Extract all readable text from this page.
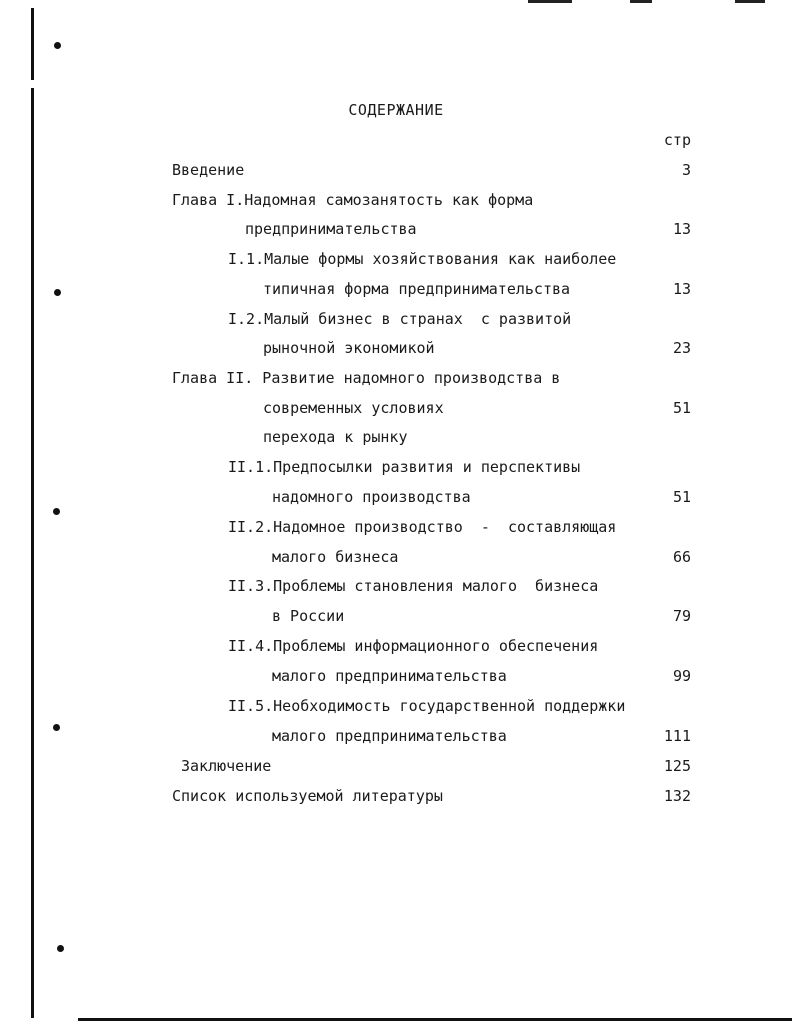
СОДЕРЖАНИЕ
стр
Введение	3
Глава I.Надомная самозанятость как форма
предпринимательства	13
I.1.Малые формы хозяйствования как наиболее
типичная форма предпринимательства	13
I.2.Малый бизнес в странах  с развитой
рыночной экономикой	23
Глава II. Развитие надомного производства в
современных условиях	51
перехода к рынку
II.1.Предпосылки развития и перспективы
надомного производства	51
II.2.Надомное производство  -  составляющая
малого бизнеса	66
II.3.Проблемы становления малого  бизнеса
в России	79
II.4.Проблемы информационного обеспечения
малого предпринимательства	99
II.5.Необходимость государственной поддержки
малого предпринимательства	111
Заключение	125
Список используемой литературы	132
